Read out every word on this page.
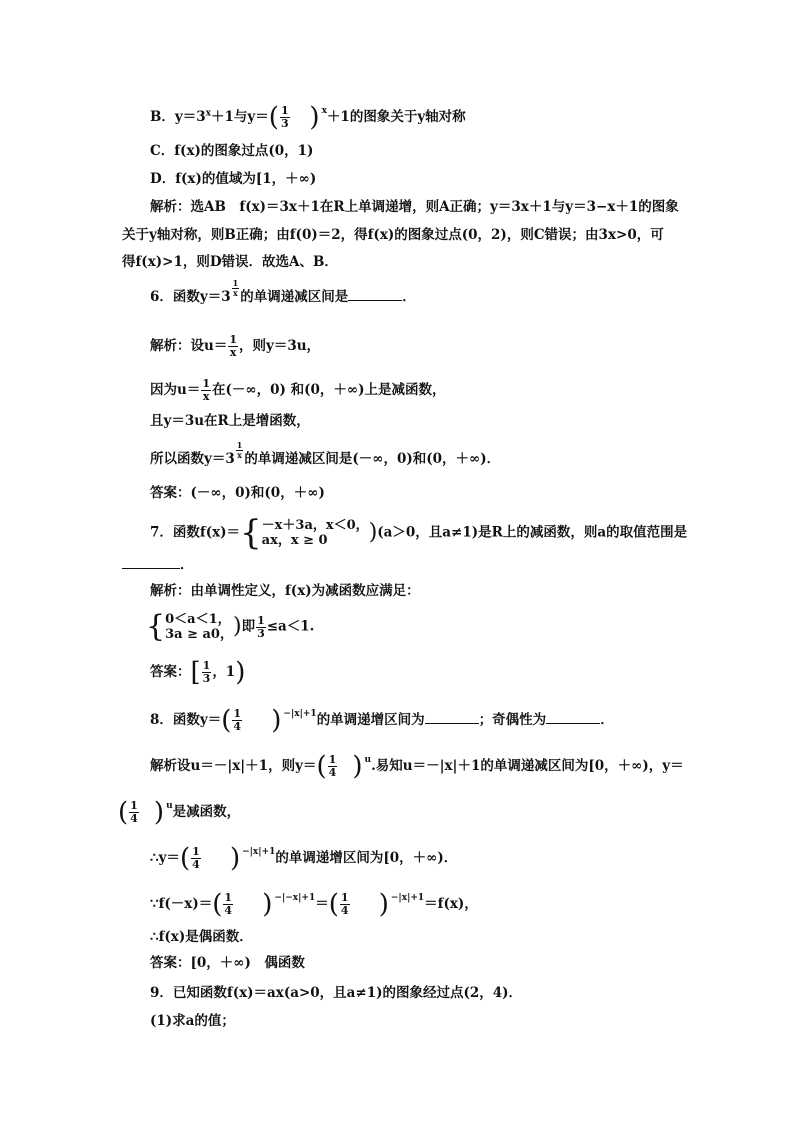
B．$y=3^x+1$与$y=( \frac{1}{3}$ ) $^x$＋1的图象关于y轴对称
C．f(x)的图象过点(0，1)
D．f(x)的值域为[1，＋∞)
解析：选AB　f(x)＝3x＋1在R上单调递增，则A正确；y＝3x＋1与y＝3−x＋1的图象
关于y轴对称，则B正确；由f(0)＝2，得f(x)的图象过点(0，2)，则C错误；由3x>0，可
得f(x)>1，则D错误．故选A、B．
6．函数$y=3 \frac{1}{x}$ 的单调递减区间是	．
解析：设$u= \frac{1}{x}$ ，则y＝3u，
因为$u= \frac{1}{x}$ 在(－∞，0) 和(0，＋∞)上是减函数，
且y＝3u在R上是增函数，
所以函数$y=3 \frac{1}{x}$ 的单调递减区间是(－∞，0)和(0，＋∞)．
答案：(－∞，0)和(0，＋∞)
7．函数f(x)＝{ －x＋3a，x＜0，
ax，x ≥ 0	)(a＞0，且a≠1)是R上的减函数，则a的取值范围是
．
解析：由单调性定义，f(x)为减函数应满足：
{ 0＜a＜1，
3a ≥ a0， )即 $\frac{1}{3} \le a<1$.
答案：[ $\frac{1}{3}$ ，1)
8．函数$y=( \frac{1}{4}$ ) $^{-|x|+1}$的单调递增区间为	；奇偶性为	．
解析设u＝－|x|＋1，则$y=( \frac{1}{4}$ ) $^u$.易知u＝－|x|＋1的单调递减区间为[0，＋∞)，y＝
( $\frac{1}{4}$ ) $^u$是减函数，
∴y＝( $\frac{1}{4}$ ) $^{-|x|+1}$的单调递增区间为[0，＋∞)．
∵f(－x)＝( $\frac{1}{4}$ ) $^{-|-x|+1}=( \frac{1}{4}$ ) $^{-|x|+1}$＝f(x)，
∴f(x)是偶函数．
答案：[0，＋∞)　偶函数
9．已知函数f(x)＝ax(a>0，且a≠1)的图象经过点(2，4)．
(1)求a的值；
